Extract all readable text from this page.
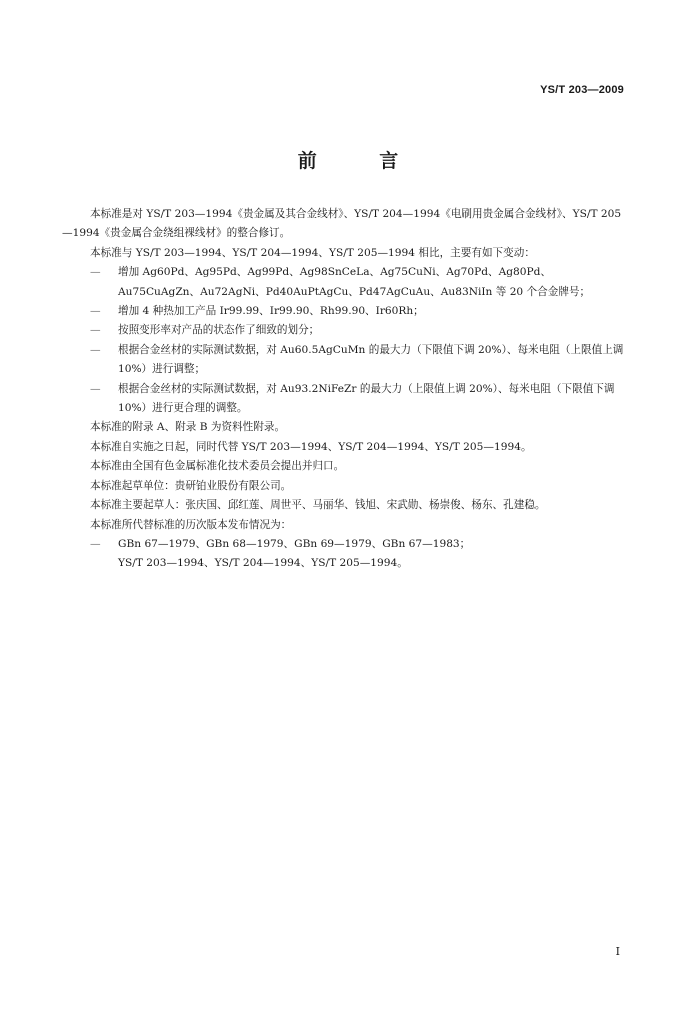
YS/T 203—2009
前 言

本标准是对 YS/T 203—1994《贵金属及其合金线材》、YS/T 204—1994《电刷用贵金属合金线材》、YS/T 205—1994《贵金属合金绕组裸线材》的整合修订。

本标准与 YS/T 203—1994、YS/T 204—1994、YS/T 205—1994 相比，主要有如下变动：

— 增加 Ag60Pd、Ag95Pd、Ag99Pd、Ag98SnCeLa、Ag75CuNi、Ag70Pd、Ag80Pd、Au75CuAgZn、Au72AgNi、Pd40AuPtAgCu、Pd47AgCuAu、Au83NiIn 等 20 个合金牌号；
— 增加 4 种热加工产品 Ir99.99、Ir99.90、Rh99.90、Ir60Rh；
— 按照变形率对产品的状态作了细致的划分；
— 根据合金丝材的实际测试数据，对 Au60.5AgCuMn 的最大力（下限值下调 20%）、每米电阻（上限值上调 10%）进行调整；
— 根据合金丝材的实际测试数据，对 Au93.2NiFeZr 的最大力（上限值上调 20%）、每米电阻（下限值下调 10%）进行更合理的调整。

本标准的附录 A、附录 B 为资料性附录。

本标准自实施之日起，同时代替 YS/T 203—1994、YS/T 204—1994、YS/T 205—1994。

本标准由全国有色金属标准化技术委员会提出并归口。

本标准起草单位：贵研铂业股份有限公司。

本标准主要起草人：张庆国、邱红莲、周世平、马丽华、钱旭、宋武勋、杨崇俊、杨东、孔建稳。

本标准所代替标准的历次版本发布情况为：

— GBn 67—1979、GBn 68—1979、GBn 69—1979、GBn 67—1983；
YS/T 203—1994、YS/T 204—1994、YS/T 205—1994。
I
